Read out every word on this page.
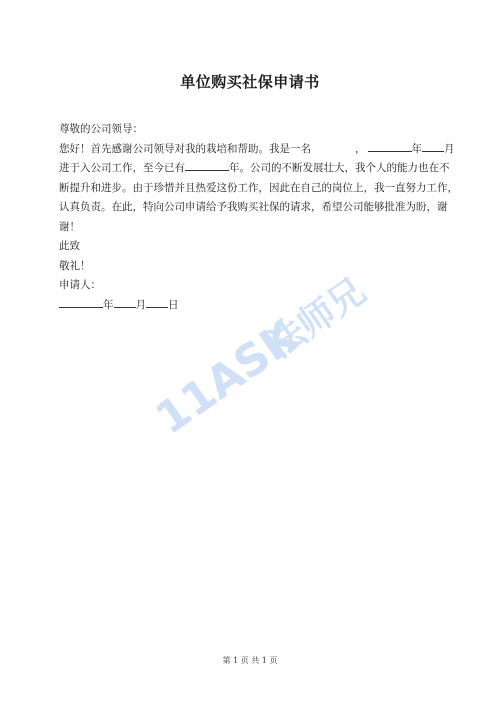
单位购买社保申请书
尊敬的公司领导：
您好！首先感谢公司领导对我的栽培和帮助。我是一名	，	年 月
进于入公司工作，至今已有	年。公司的不断发展壮大，我个人的能力也在不
断提升和进步。由于珍惜并且热爱这份工作，因此在自己的岗位上，我一直努力工作，
认真负责。在此，特向公司申请给予我购买社保的请求，希望公司能够批准为盼，谢
谢！
此致
敬礼！
申请人：
年 月 日
11ASK
法师兄
第 1 页 共 1 页
